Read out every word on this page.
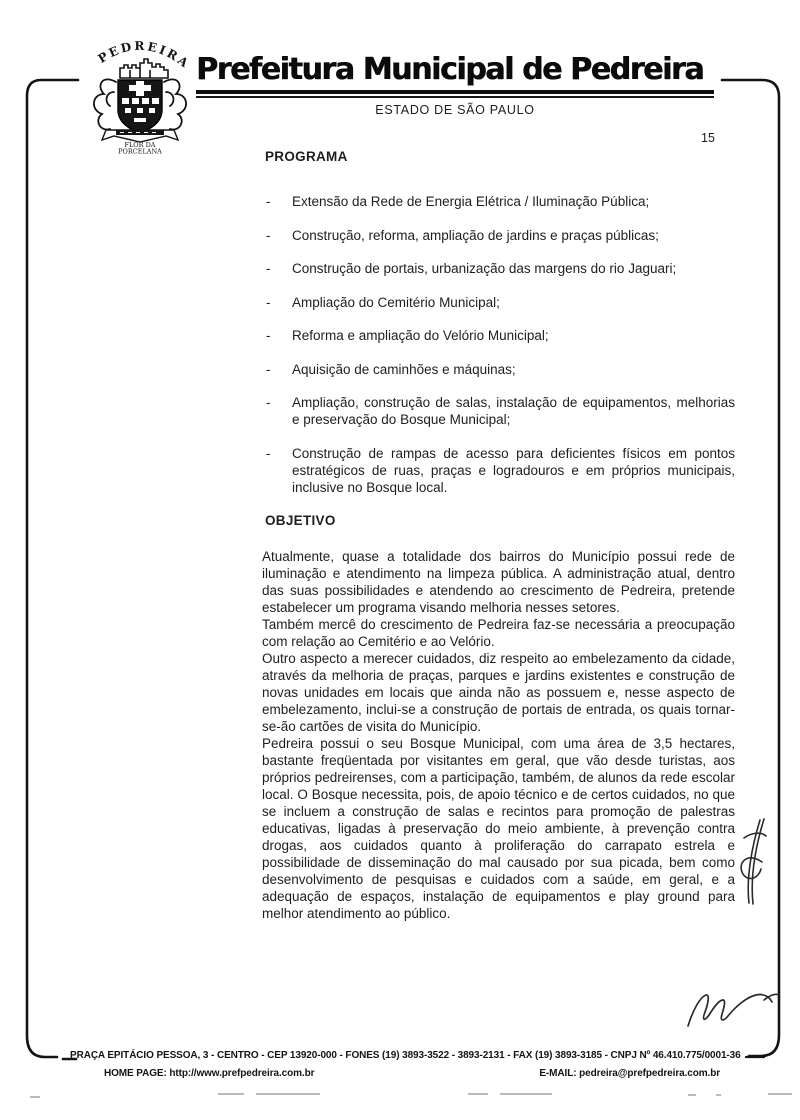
PEDREIRA
FLOR DA
PORCELANA
Prefeitura Municipal de Pedreira
ESTADO DE SÃO PAULO
15
PROGRAMA
-	Extensão da Rede de Energia Elétrica / Iluminação Pública;
-	Construção, reforma, ampliação de jardins e praças públicas;
-	Construção de portais, urbanização das margens do rio Jaguari;
-	Ampliação do Cemitério Municipal;
-	Reforma e ampliação do Velório Municipal;
-	Aquisição de caminhões e máquinas;
-	Ampliação, construção de salas, instalação de equipamentos, melhorias e preservação do Bosque Municipal;
-	Construção de rampas de acesso para deficientes físicos em pontos estratégicos de ruas, praças e logradouros e em próprios municipais, inclusive no Bosque local.
OBJETIVO

Atualmente, quase a totalidade dos bairros do Município possui rede de iluminação e atendimento na limpeza pública. A administração atual, dentro das suas possibilidades e atendendo ao crescimento de Pedreira, pretende estabelecer um programa visando melhoria nesses setores.

Também mercê do crescimento de Pedreira faz-se necessária a preocupação com relação ao Cemitério e ao Velório.

Outro aspecto a merecer cuidados, diz respeito ao embelezamento da cidade, através da melhoria de praças, parques e jardins existentes e construção de novas unidades em locais que ainda não as possuem e, nesse aspecto de embelezamento, inclui-se a construção de portais de entrada, os quais tornar-se-ão cartões de visita do Município.

Pedreira possui o seu Bosque Municipal, com uma área de 3,5 hectares, bastante freqüentada por visitantes em geral, que vão desde turistas, aos próprios pedreirenses, com a participação, também, de alunos da rede escolar local. O Bosque necessita, pois, de apoio técnico e de certos cuidados, no que se incluem a construção de salas e recintos para promoção de palestras educativas, ligadas à preservação do meio ambiente, à prevenção contra drogas, aos cuidados quanto à proliferação do carrapato estrela e possibilidade de disseminação do mal causado por sua picada, bem como desenvolvimento de pesquisas e cuidados com a saúde, em geral, e a adequação de espaços, instalação de equipamentos e play ground para melhor atendimento ao público.

PRAÇA EPITÁCIO PESSOA, 3 - CENTRO - CEP 13920-000 - FONES (19) 3893-3522 - 3893-2131 - FAX (19) 3893-3185 - CNPJ Nº 46.410.775/0001-36
HOME PAGE: http://www.prefpedreira.com.br	E-MAIL: pedreira@prefpedreira.com.br
